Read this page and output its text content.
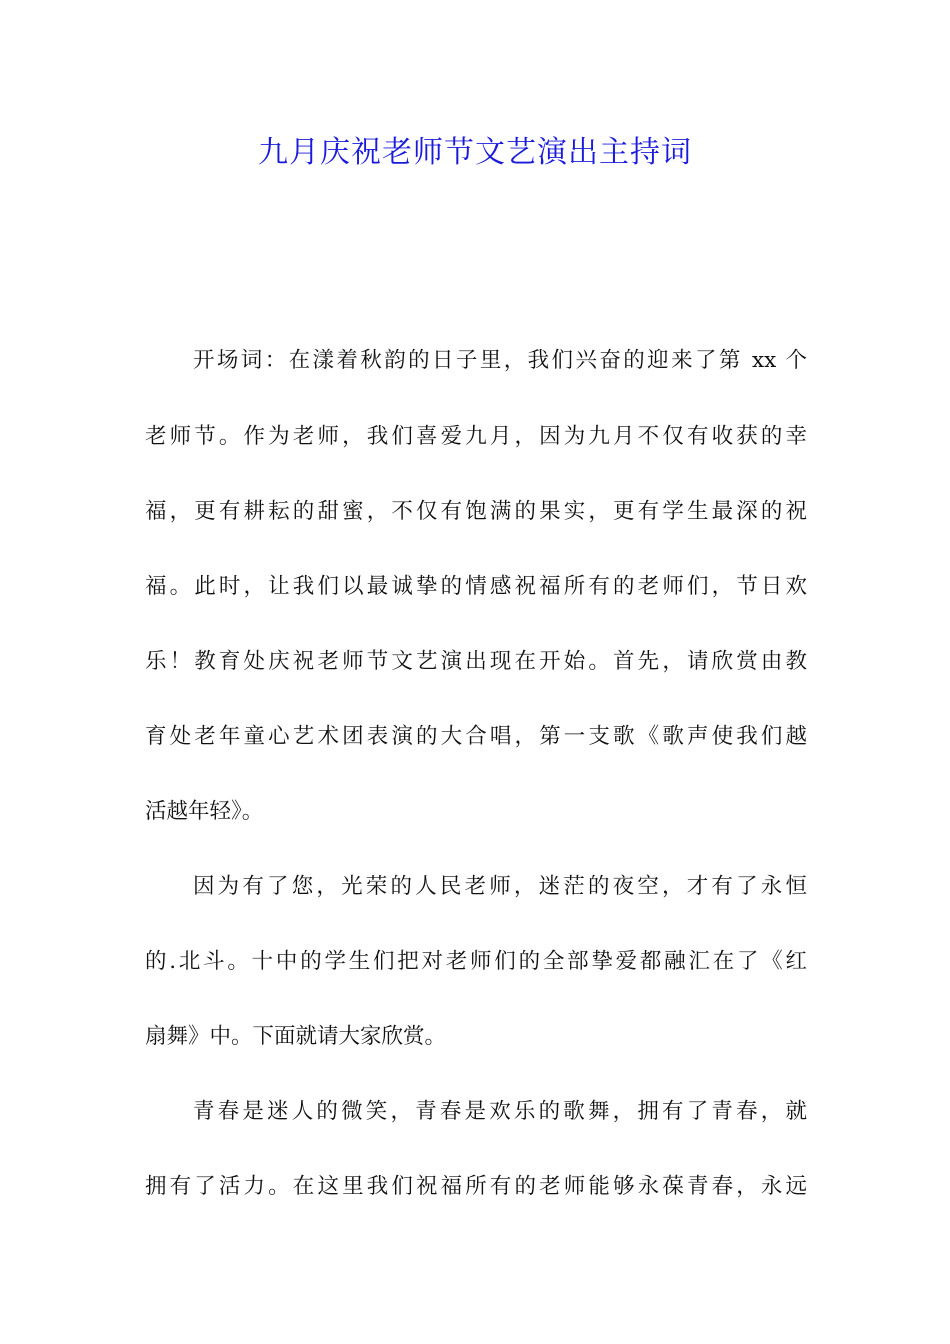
九月庆祝老师节文艺演出主持词
开场词：在漾着秋韵的日子里，我们兴奋的迎来了第 xx 个
老师节。作为老师，我们喜爱九月，因为九月不仅有收获的幸
福，更有耕耘的甜蜜，不仅有饱满的果实，更有学生最深的祝
福。此时，让我们以最诚挚的情感祝福所有的老师们，节日欢
乐！教育处庆祝老师节文艺演出现在开始。首先，请欣赏由教
育处老年童心艺术团表演的大合唱，第一支歌《歌声使我们越
活越年轻》。
因为有了您，光荣的人民老师，迷茫的夜空，才有了永恒
的.北斗。十中的学生们把对老师们的全部挚爱都融汇在了《红
扇舞》中。下面就请大家欣赏。
青春是迷人的微笑，青春是欢乐的歌舞，拥有了青春，就
拥有了活力。在这里我们祝福所有的老师能够永葆青春，永远
